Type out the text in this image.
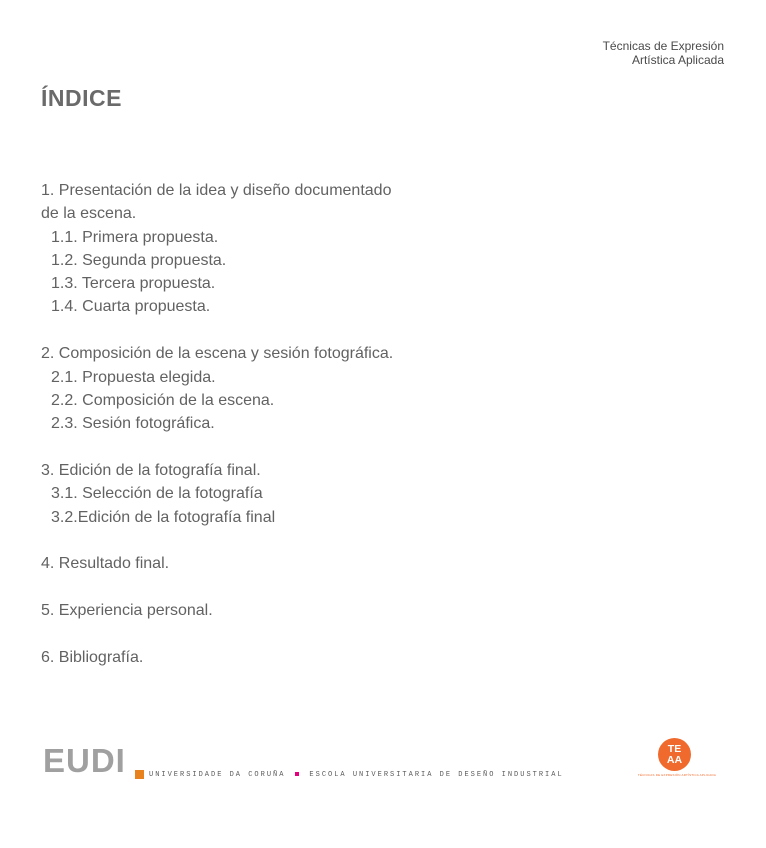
Técnicas de Expresión
Artística Aplicada
ÍNDICE
1. Presentación de la idea y diseño documentado
de la escena.
1.1. Primera propuesta.
1.2. Segunda propuesta.
1.3. Tercera propuesta.
1.4. Cuarta propuesta.
2. Composición de la escena y sesión fotográfica.
2.1. Propuesta elegida.
2.2. Composición de la escena.
2.3. Sesión fotográfica.
3. Edición de la fotografía final.
3.1. Selección de la fotografía
3.2.Edición de la fotografía final
4. Resultado final.
5. Experiencia personal.
6. Bibliografía.
EUDI	UNIVERSIDADE DA CORUÑA	ESCOLA UNIVERSITARIA DE DESEÑO INDUSTRIAL
TE
AA
TÉCNICAS DE EXPRESIÓN ARTÍSTICA APLICADA
